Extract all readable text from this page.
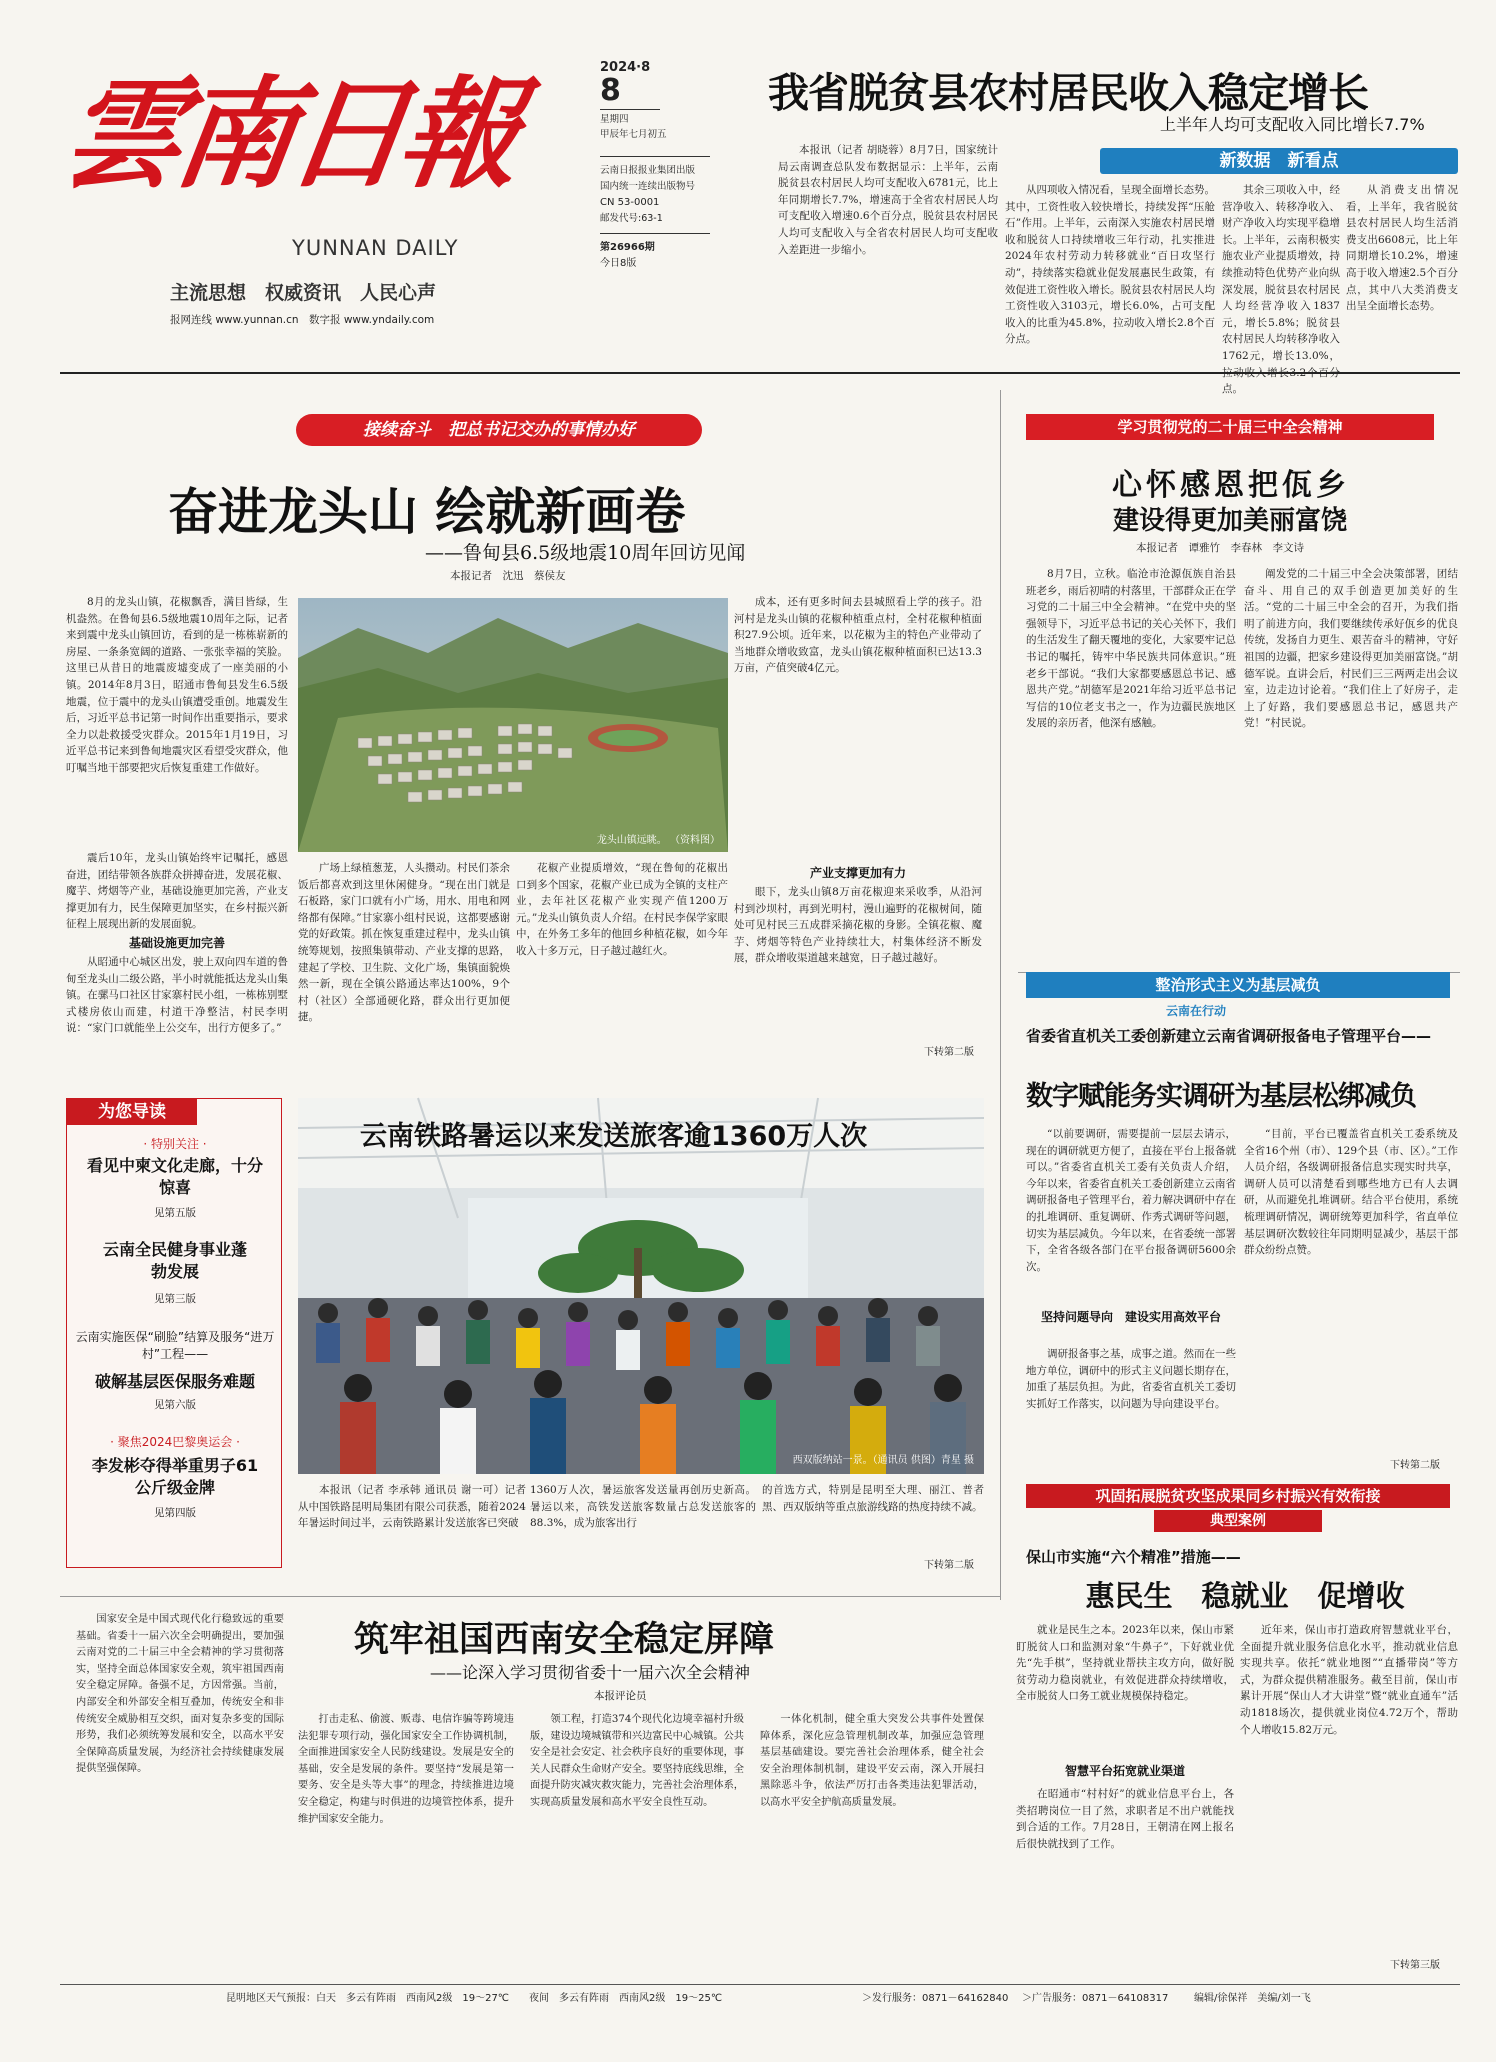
雲南日報
YUNNAN DAILY
主流思想　权威资讯　人民心声
报网连线 www.yunnan.cn　数字报 www.yndaily.com
2024·8
8
星期四
甲辰年七月初五
云南日报报业集团出版
国内统一连续出版物号
CN 53-0001
邮发代号:63-1
第26966期
今日8版
我省脱贫县农村居民收入稳定增长
上半年人均可支配收入同比增长7.7%
新数据　新看点
本报讯（记者 胡晓蓉）8月7日，国家统计局云南调查总队发布数据显示：上半年，云南脱贫县农村居民人均可支配收入6781元，比上年同期增长7.7%，增速高于全省农村居民人均可支配收入增速0.6个百分点，脱贫县农村居民人均可支配收入与全省农村居民人均可支配收入差距进一步缩小。
从四项收入情况看，呈现全面增长态势。其中，工资性收入较快增长，持续发挥“压舱石”作用。上半年，云南深入实施农村居民增收和脱贫人口持续增收三年行动，扎实推进2024年农村劳动力转移就业“百日攻坚行动”，持续落实稳就业促发展惠民生政策，有效促进工资性收入增长。脱贫县农村居民人均工资性收入3103元，增长6.0%，占可支配收入的比重为45.8%，拉动收入增长2.8个百分点。
其余三项收入中，经营净收入、转移净收入、财产净收入均实现平稳增长。上半年，云南积极实施农业产业提质增效，持续推动特色优势产业向纵深发展，脱贫县农村居民人均经营净收入1837元，增长5.8%；脱贫县农村居民人均转移净收入1762元，增长13.0%， 点。
从消费支出情况看，上半年，我省脱贫县农村居民人均生活消费支出6608元，比上年同期增长10.2%，增速高于收入增速2.5个百分点，其中八大类消费支出呈全面增长态势。
接续奋斗　把总书记交办的事情办好
奋进龙头山 绘就新画卷
——鲁甸县6.5级地震10周年回访见闻
本报记者　沈迅　蔡侯友
8月的龙头山镇，花椒飘香，满目皆绿，生机盎然。在鲁甸县6.5级地震10周年之际，记者来到震中龙头山镇回访，看到的是一栋栋崭新的房屋、一条条宽阔的道路、一张张幸福的笑脸。这里已从昔日的地震废墟变成了一座美丽的小镇。2014年8月3日，昭通市鲁甸县发生6.5级地震，位于震中的龙头山镇遭受重创。地震发生后，习近平总书记第一时间作出重要指示，要求全力以赴救援受灾群众。2015年1月19日，习近平总书记来到鲁甸地震灾区看望受灾群众，他叮嘱当地干部要把灾后恢复重建工作做好。
震后10年，龙头山镇始终牢记嘱托，感恩奋进，团结带领各族群众拼搏奋进，发展花椒、魔芋、烤烟等产业，基础设施更加完善，产业支撑更加有力，民生保障更加坚实，在乡村振兴新征程上展现出新的发展面貌。
基础设施更加完善
从昭通中心城区出发，驶上双向四车道的鲁甸至龙头山二级公路，半小时就能抵达龙头山集镇。在骡马口社区甘家寨村民小组，一栋栋别墅式楼房依山而建，村道干净整洁，村民李明说：“家门口就能坐上公交车，出行方便多了。”
龙头山镇远眺。 （资料图）
广场上绿植葱茏，人头攒动。村民们茶余饭后都喜欢到这里休闲健身。“现在出门就是石板路，家门口就有小广场，用水、用电和网络都有保障。”甘家寨小组村民说，这都要感谢党的好政策。抓在恢复重建过程中，龙头山镇统筹规划，按照集镇带动、产业支撑的思路，建起了学校、卫生院、文化广场，集镇面貌焕然一新，现在全镇公路通达率达100%，9个村（社区）全部通硬化路，群众出行更加便捷。
花椒产业提质增效，“现在鲁甸的花椒出口到多个国家，花椒产业已成为全镇的支柱产业，去年社区花椒产业实现产值1200万元。”龙头山镇负责人介绍。在村民李保学家眼中，在外务工多年的他回乡种植花椒，如今年收入十多万元，日子越过越红火。
成本，还有更多时间去县城照看上学的孩子。沿河村是龙头山镇的花椒种植重点村，全村花椒种植面积27.9公顷。近年来，以花椒为主的特色产业带动了当地群众增收致富，龙头山镇花椒种植面积已达13.3万亩，产值突破4亿元。
产业支撑更加有力
眼下，龙头山镇8万亩花椒迎来采收季，从沿河村到沙坝村，再到光明村，漫山遍野的花椒树间，随处可见村民三五成群采摘花椒的身影。全镇花椒、魔芋、烤烟等特色产业持续壮大，村集体经济不断发展，群众增收渠道越来越宽，日子越过越好。
下转第二版
学习贯彻党的二十届三中全会精神
心怀感恩把佤乡
建设得更加美丽富饶
本报记者　谭雅竹　李春林　李文诗
8月7日，立秋。临沧市沧源佤族自治县班老乡，雨后初晴的村落里，干部群众正在学习党的二十届三中全会精神。“在党中央的坚强领导下，习近平总书记的关心关怀下，我们的生活发生了翻天覆地的变化，大家要牢记总书记的嘱托，铸牢中华民族共同体意识。”班老乡干部说。“我们大家都要感恩总书记、感恩共产党。”胡德军是2021年给习近平总书记写信的10位老支书之一，作为边疆民族地区发展的亲历者，他深有感触。
阐发党的二十届三中全会决策部署，团结奋斗、用自己的双手创造更加美好的生活。“党的二十届三中全会的召开，为我们指明了前进方向，我们要继续传承好佤乡的优良传统，发扬自力更生、艰苦奋斗的精神，守好祖国的边疆，把家乡建设得更加美丽富饶。”胡德军说。直讲会后，村民们三三两两走出会议室，边走边讨论着。“我们住上了好房子，走上了好路，我们要感恩总书记，感恩共产党！”村民说。
整治形式主义为基层减负
云南在行动
省委省直机关工委创新建立云南省调研报备电子管理平台——
数字赋能务实调研为基层松绑减负
“以前要调研，需要提前一层层去请示，现在的调研就更方便了，直接在平台上报备就可以。”省委省直机关工委有关负责人介绍，今年以来，省委省直机关工委创新建立云南省调研报备电子管理平台，着力解决调研中存在的扎堆调研、重复调研、作秀式调研等问题，切实为基层减负。今年以来，在省委统一部署下，全省各级各部门在平台报备调研5600余次。
坚持问题导向　建设实用高效平台
调研报备事之基，成事之道。然而在一些地方单位，调研中的形式主义问题长期存在，加重了基层负担。为此，省委省直机关工委切实抓好工作落实，以问题为导向建设平台。
“目前，平台已覆盖省直机关工委系统及全省16个州（市）、129个县（市、区）。”工作人员介绍，各级调研报备信息实现实时共享，调研人员可以清楚看到哪些地方已有人去调研，从而避免扎堆调研。结合平台使用，系统梳理调研情况，调研统筹更加科学，省直单位基层调研次数较往年同期明显减少，基层干部群众纷纷点赞。
下转第二版
巩固拓展脱贫攻坚成果同乡村振兴有效衔接
典型案例
保山市实施“六个精准”措施——
惠民生　稳就业　促增收
就业是民生之本。2023年以来，保山市紧盯脱贫人口和监测对象“牛鼻子”，下好就业优先“先手棋”，坚持就业帮扶主攻方向，做好脱贫劳动力稳岗就业，有效促进群众持续增收，全市脱贫人口务工就业规模保持稳定。
智慧平台拓宽就业渠道
在昭通市“村村好”的就业信息平台上，各类招聘岗位一目了然，求职者足不出户就能找到合适的工作。7月28日，王朝清在网上报名后很快就找到了工作。
近年来，保山市打造政府智慧就业平台，全面提升就业服务信息化水平，推动就业信息实现共享。依托“就业地图”“直播带岗”等方式，为群众提供精准服务。截至目前，保山市累计开展“保山人才大讲堂”暨“就业直通车”活动1818场次，提供就业岗位4.72万个，帮助个人增收15.82万元。
下转第三版
为您导读
· 特别关注 ·
看见中柬文化走廊，十分惊喜
见第五版
云南全民健身事业蓬勃发展
见第三版
云南实施医保“刷脸”结算及服务“进万村”工程——
破解基层医保服务难题
见第六版
· 聚焦2024巴黎奥运会 ·
李发彬夺得举重男子61公斤级金牌
见第四版
云南铁路暑运以来发送旅客逾1360万人次
西双版纳站一景。（通讯员 供图）青星 摄
本报讯（记者 李承韩 通讯员 谢一可）记者从中国铁路昆明局集团有限公司获悉，随着2024年暑运时间过半，云南铁路累计发送旅客已突破
1360万人次，暑运旅客发送量再创历史新高。暑运以来，高铁发送旅客数量占总发送旅客的88.3%，成为旅客出行
的首选方式，特别是昆明至大理、丽江、普者黑、西双版纳等重点旅游线路的热度持续不减。
下转第二版
筑牢祖国西南安全稳定屏障
——论深入学习贯彻省委十一届六次全会精神
本报评论员
国家安全是中国式现代化行稳致远的重要基础。省委十一届六次全会明确提出，要加强云南对党的二十届三中全会精神的学习贯彻落实，坚持全面总体国家安全观，筑牢祖国西南安全稳定屏障。备强不足，方因常强。当前，内部安全和外部安全相互叠加，传统安全和非传统安全威胁相互交织，面对复杂多变的国际形势，我们必须统筹发展和安全，以高水平安全保障高质量发展，为经济社会持续健康发展提供坚强保障。
打击走私、偷渡、贩毒、电信诈骗等跨境违法犯罪专项行动，强化国家安全工作协调机制，全面推进国家安全人民防线建设。发展是安全的基础，安全是发展的条件。要坚持“发展是第一要务、安全是头等大事”的理念，持续推进边境安全稳定，构建与时俱进的边境管控体系，提升维护国家安全能力。
领工程，打造374个现代化边境幸福村升级版，建设边境城镇带和兴边富民中心城镇。公共安全是社会安定、社会秩序良好的重要体现，事关人民群众生命财产安全。要坚持底线思维，全面提升防灾减灾救灾能力，完善社会治理体系，实现高质量发展和高水平安全良性互动。
一体化机制，健全重大突发公共事件处置保障体系，深化应急管理机制改革，加强应急管理基层基础建设。要完善社会治理体系，健全社会安全治理体制机制，建设平安云南，深入开展扫黑除恶斗争，依法严厉打击各类违法犯罪活动，以高水平安全护航高质量发展。
昆明地区天气预报：白天　多云有阵雨　西南风2级　19～27℃　　夜间　多云有阵雨　西南风2级　19～25℃	＞发行服务：0871－64162840 ＞广告服务：0871－64108317	编辑/徐保祥　美编/刘一飞
